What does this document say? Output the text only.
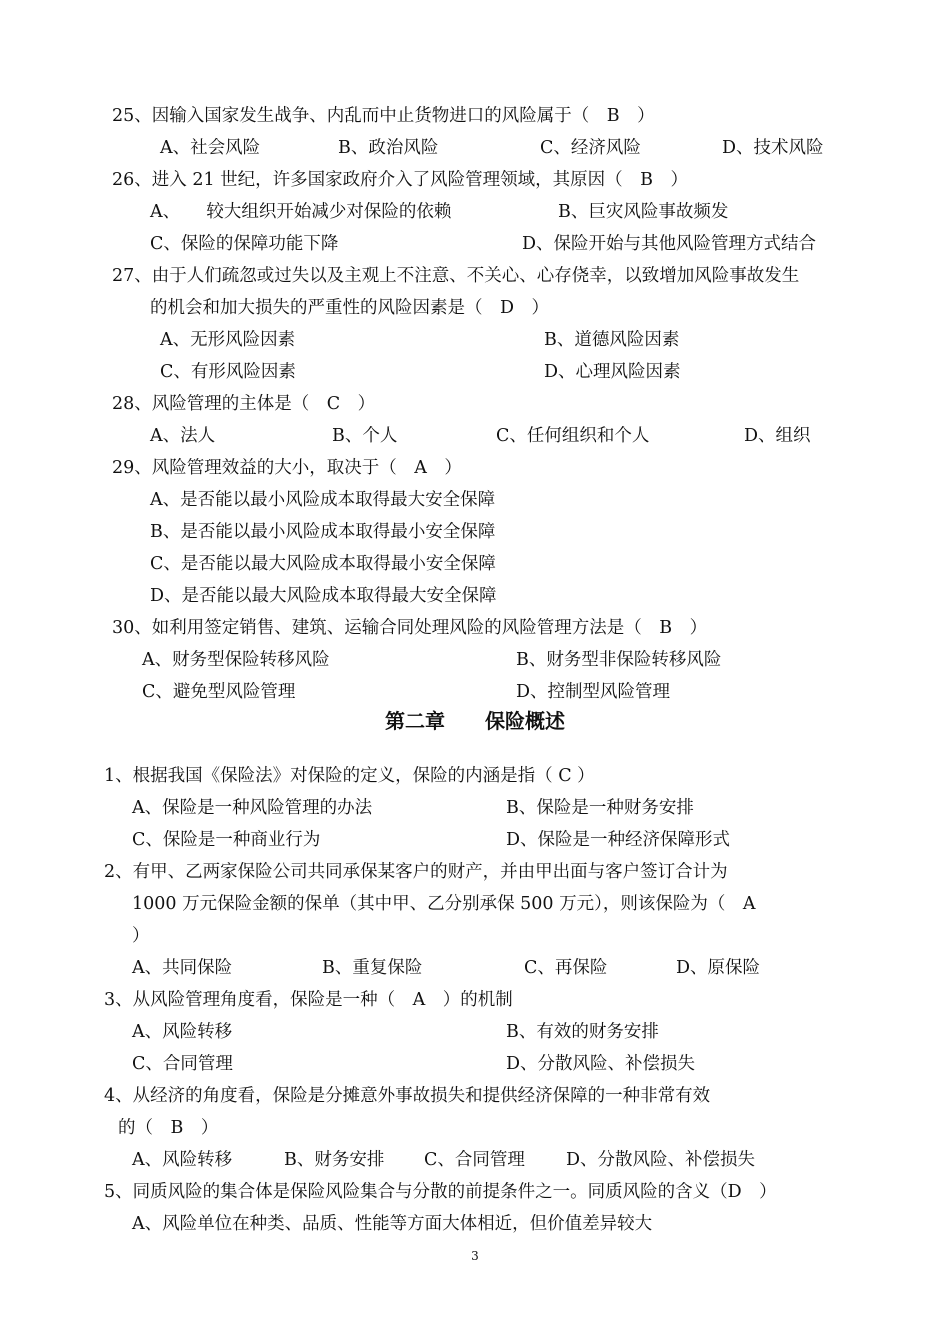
25、因输入国家发生战争、内乱而中止货物进口的风险属于（　B　）
A、社会风险	B、政治风险	C、经济风险	D、技术风险
26、进入 21 世纪，许多国家政府介入了风险管理领域，其原因（　B　）
A、　　较大组织开始减少对保险的依赖	B、巨灾风险事故频发
C、保险的保障功能下降	D、保险开始与其他风险管理方式结合
27、由于人们疏忽或过失以及主观上不注意、不关心、心存侥幸，以致增加风险事故发生
的机会和加大损失的严重性的风险因素是（　D　）
A、无形风险因素	B、道德风险因素
C、有形风险因素	D、心理风险因素
28、风险管理的主体是（　C　）
A、法人	B、个人	C、任何组织和个人	D、组织
29、风险管理效益的大小，取决于（　A　）
A、是否能以最小风险成本取得最大安全保障
B、是否能以最小风险成本取得最小安全保障
C、是否能以最大风险成本取得最小安全保障
D、是否能以最大风险成本取得最大安全保障
30、如利用签定销售、建筑、运输合同处理风险的风险管理方法是（　B　）
A、财务型保险转移风险	B、财务型非保险转移风险
C、避免型风险管理	D、控制型风险管理
第二章　　保险概述
1、根据我国《保险法》对保险的定义，保险的内涵是指（ C ）
A、保险是一种风险管理的办法	B、保险是一种财务安排
C、保险是一种商业行为	D、保险是一种经济保障形式
2、有甲、乙两家保险公司共同承保某客户的财产，并由甲出面与客户签订合计为
1000 万元保险金额的保单（其中甲、乙分别承保 500 万元），则该保险为（　A
）
A、共同保险	B、重复保险	C、再保险	D、原保险
3、从风险管理角度看，保险是一种（　A　）的机制
A、风险转移	B、有效的财务安排
C、合同管理	D、分散风险、补偿损失
4、从经济的角度看，保险是分摊意外事故损失和提供经济保障的一种非常有效
的（　B　）
A、风险转移	B、财务安排 C、合同管理 D、分散风险、补偿损失
5、同质风险的集合体是保险风险集合与分散的前提条件之一。同质风险的含义（D　）
A、风险单位在种类、品质、性能等方面大体相近，但价值差异较大
3
